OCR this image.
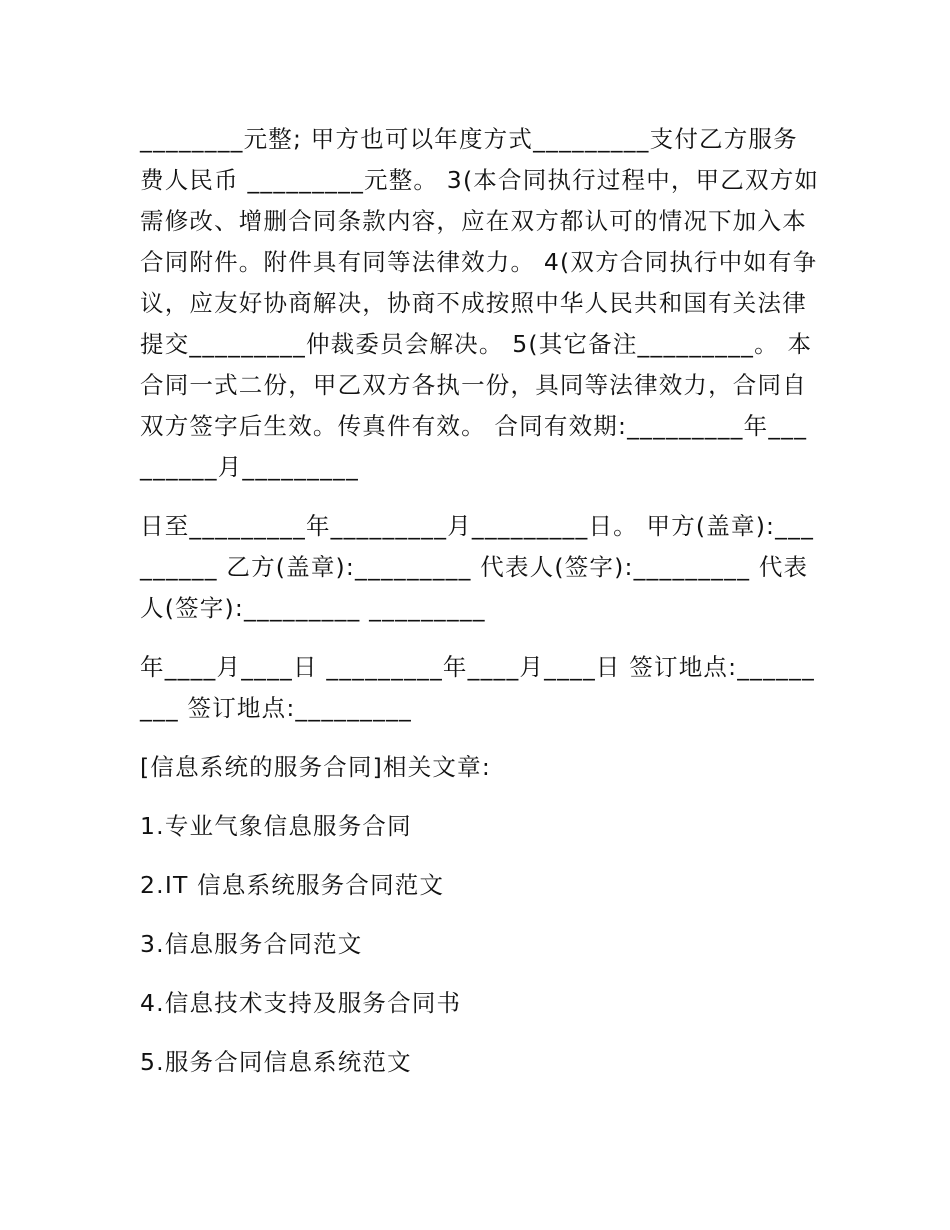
________元整; 甲方也可以年度方式_________支付乙方服务费人民币 _________元整。 3(本合同执行过程中，甲乙双方如需修改、增删合同条款内容，应在双方都认可的情况下加入本合同附件。附件具有同等法律效力。 4(双方合同执行中如有争议，应友好协商解决，协商不成按照中华人民共和国有关法律提交_________仲裁委员会解决。 5(其它备注_________。 本合同一式二份，甲乙双方各执一份，具同等法律效力，合同自双方签字后生效。传真件有效。 合同有效期:_________年_________月_________

日至_________年_________月_________日。 甲方(盖章):_________ 乙方(盖章):_________ 代表人(签字):_________ 代表人(签字):_________ _________

年____月____日 _________年____月____日 签订地点:_________ 签订地点:_________

[信息系统的服务合同]相关文章:

1.专业气象信息服务合同

2.IT 信息系统服务合同范文

3.信息服务合同范文

4.信息技术支持及服务合同书

5.服务合同信息系统范文
